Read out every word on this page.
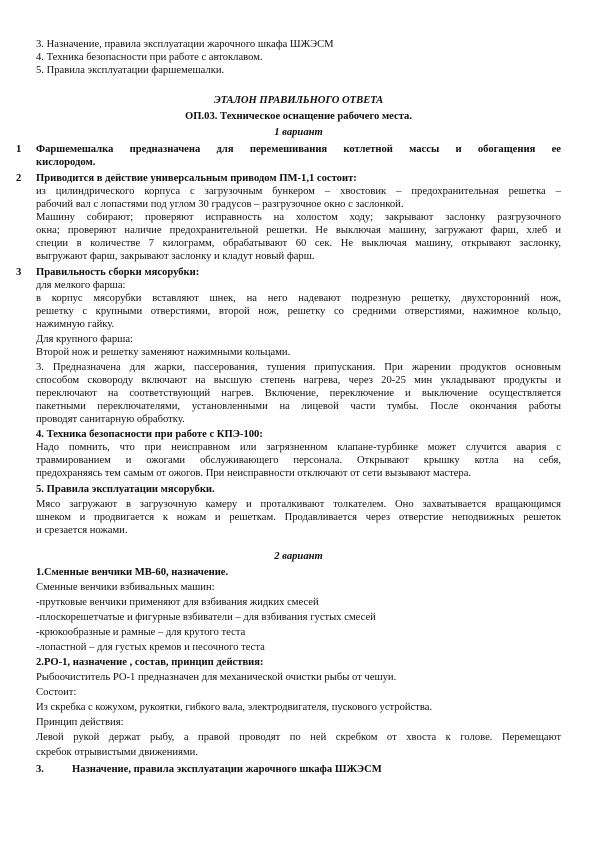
3. Назначение, правила эксплуатации жарочного шкафа ШЖЭСМ

4. Техника безопасности при работе с автоклавом.

5. Правила эксплуатации фаршемешалки.

ЭТАЛОН ПРАВИЛЬНОГО ОТВЕТА

ОП.03. Техническое оснащение рабочего места.

1 вариант

1 Фаршемешалка предназначена для перемешивания котлетной массы и обогащения ее

кислородом.

2 Приводится в действие универсальным приводом ПМ-1,1 состоит:

из цилиндрического корпуса с загрузочным бункером – хвостовик – предохранительная решетка –

рабочий вал с лопастями под углом 30 градусов – разгрузочное окно с заслонкой.

Машину собирают; проверяют исправность на холостом ходу; закрывают заслонку разгрузочного

окна; проверяют наличие предохранительной решетки. Не выключая машину, загружают фарш, хлеб и

специи в количестве 7 килограмм, обрабатывают 60 сек. Не выключая машину, открывают заслонку,

выгружают фарш, закрывают заслонку и кладут новый фарш.

3 Правильность сборки мясорубки:

для мелкого фарша:

в корпус мясорубки вставляют шнек, на него надевают подрезную решетку, двухсторонний нож,

решетку с крупными отверстиями, второй нож, решетку со средними отверстиями, нажимное кольцо,

нажимную гайку.

Для крупного фарша:

Второй нож и решетку заменяют нажимными кольцами.

3. Предназначена для жарки, пассерования, тушения припускания. При жарении продуктов основным

способом сковороду включают на высшую степень нагрева, через 20-25 мин укладывают продукты и

переключают на соответствующий нагрев. Включение, переключение и выключение осуществляется

пакетными переключателями, установленными на лицевой части тумбы. После окончания работы

проводят санитарную обработку.

4. Техника безопасности при работе с КПЭ-100:

Надо помнить, что при неисправном или загрязненном клапане-турбинке может случится авария с

травмированием и ожогами обслуживающего персонала. Открывают крышку котла на себя,

предохраняясь тем самым от ожогов. При неисправности отключают от сети вызывают мастера.

5. Правила эксплуатации мясорубки.

Мясо загружают в загрузочную камеру и проталкивают толкателем. Оно захватывается вращающимся

шнеком и продвигается к ножам и решеткам. Продавливается через отверстие неподвижных решеток

и срезается ножами.

2 вариант

1.Сменные венчики МВ-60, назначение.

Сменные венчики взбивальных машин:

-прутковые венчики применяют для взбивания жидких смесей

-плоскорешетчатые и фигурные взбиватели – для взбивания густых смесей

-крюкообразные и рамные – для крутого теста

-лопастной – для густых кремов и песочного теста

2.РО-1, назначение , состав, принцип действия:

Рыбоочиститель РО-1 предназначен для механической очистки рыбы от чешуи.

Состоит:

Из скребка с кожухом, рукоятки, гибкого вала, электродвигателя, пускового устройства.

Принцип действия:

Левой рукой держат рыбу, а правой проводят по ней скребком от хвоста к голове. Перемещают

скребок отрывистыми движениями.

3.	Назначение, правила эксплуатации жарочного шкафа ШЖЭСМ
